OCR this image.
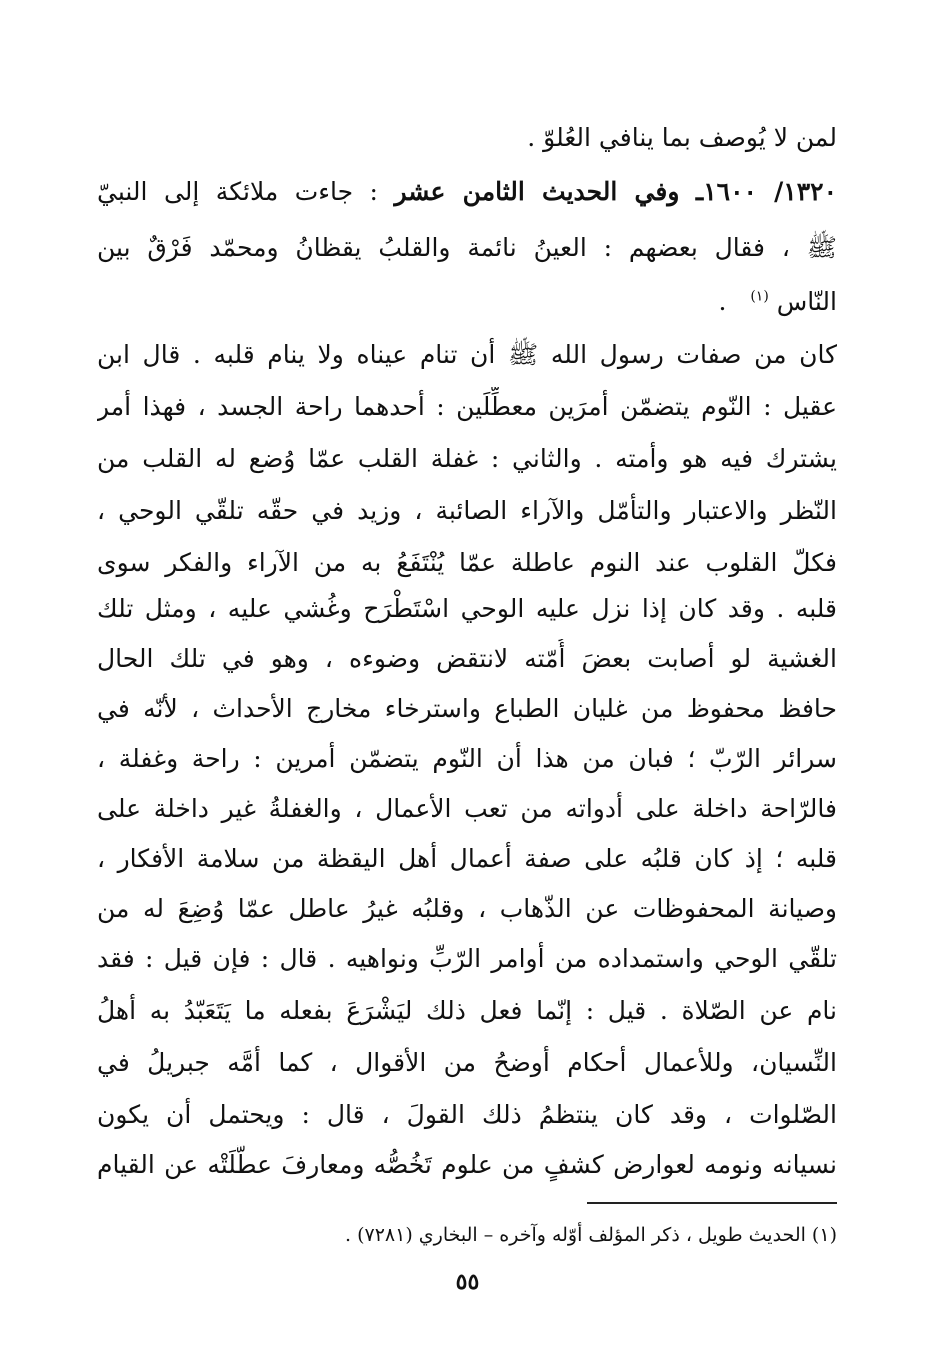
لمن لا يُوصف بما ينافي العُلوّ .
١٣٢٠/ ١٦٠٠ـ وفي الحديث الثامن عشر : جاءت ملائكة إلى النبيّ
ﷺ ، فقال بعضهم : العينُ نائمة والقلبُ يقظانُ ومحمّد فَرْقٌ بين
النّاس $^{(١)}$   .
كان من صفات رسول الله ﷺ أن تنام عيناه ولا ينام قلبه . قال ابن
عقيل : النّوم يتضمّن أمرَين معطِّلَين : أحدهما راحة الجسد ، فهذا أمر
يشترك فيه هو وأمته . والثاني : غفلة القلب عمّا وُضع له القلب من
النّظر والاعتبار والتأمّل والآراء الصائبة ، وزيد في حقّه تلقّي الوحي ،
فكلّ القلوب عند النوم عاطلة عمّا يُنْتَفَعُ به من الآراء والفكر سوى
قلبه . وقد كان إذا نزل عليه الوحي اسْتَطْرَح وغُشي عليه ، ومثل تلك
الغشية لو أصابت بعضَ أُمّته لانتقض وضوءه ، وهو في تلك الحال
حافظ محفوظ من غليان الطباع واسترخاء مخارج الأحداث ، لأنّه في
سرائر الرّبّ ؛ فبان من هذا أن النّوم يتضمّن أمرين : راحة وغفلة ،
فالرّاحة داخلة على أدواته من تعب الأعمال ، والغفلةُ غير داخلة على
قلبه ؛ إذ كان قلبُه على صفة أعمال أهل اليقظة من سلامة الأفكار ،
وصيانة المحفوظات عن الذّهاب ، وقلبُه غيرُ عاطل عمّا وُضِعَ له من
تلقّي الوحي واستمداده من أوامر الرّبِّ ونواهيه . قال : فإن قيل : فقد
نام عن الصّلاة . قيل : إنّما فعل ذلك ليَشْرَعَ بفعله ما يَتَعَبّدُ به أهلُ
النِّسيان، وللأعمال أحكام أوضحُ من الأقوال ، كما أمَّه جبريلُ في
الصّلوات ، وقد كان ينتظمُ ذلك القولَ ، قال : ويحتمل أن يكون
نسيانه ونومه لعوارض كشفٍ من علوم تَخُصُّه ومعارفَ عطَّلَتْه عن القيام
(١) الحديث طويل ، ذكر المؤلف أوّله وآخره – البخاري (٧٢٨١) .
٥٥
